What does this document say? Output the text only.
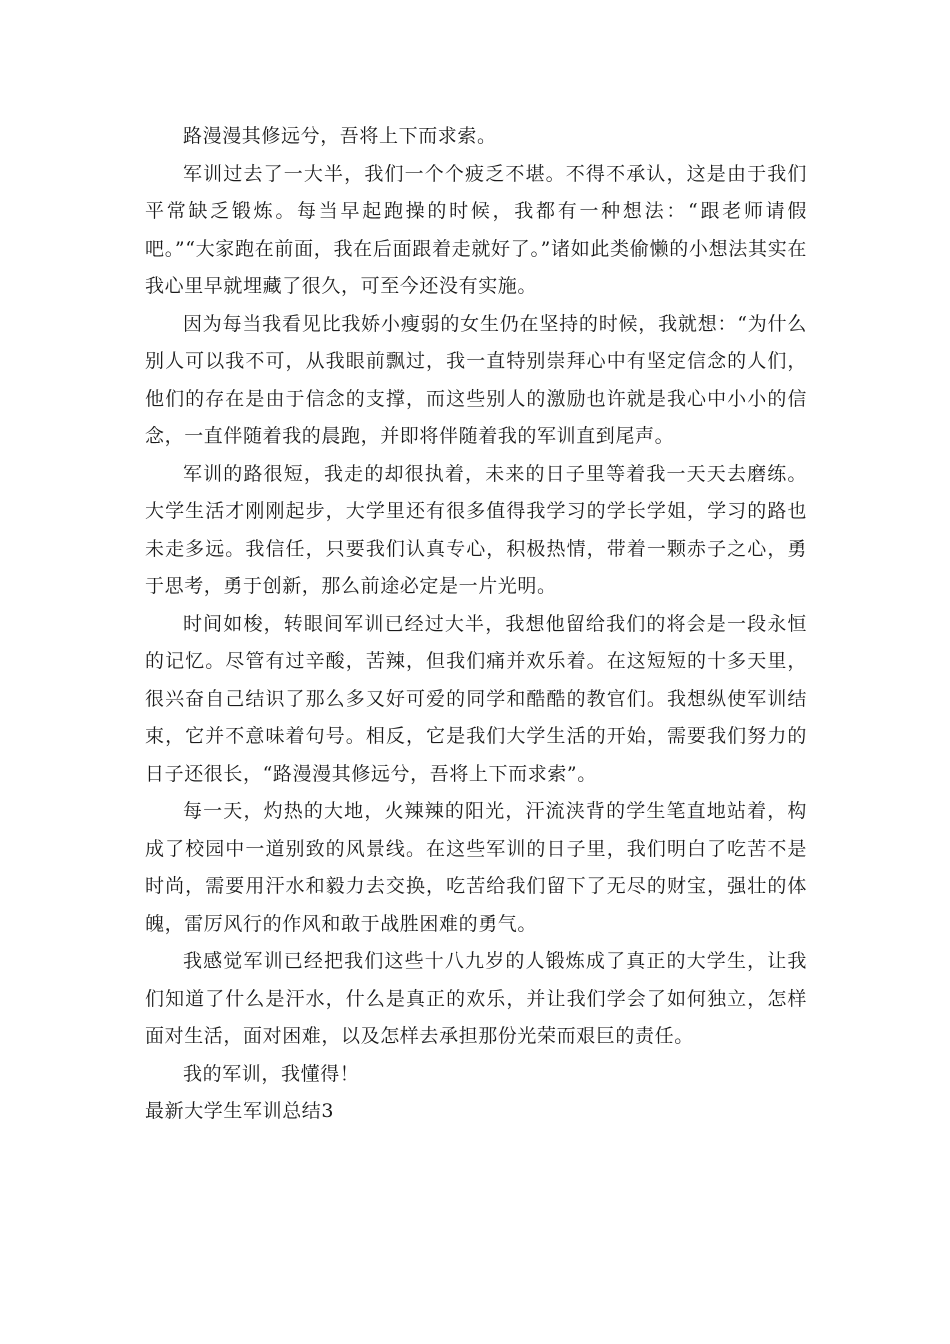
路漫漫其修远兮，吾将上下而求索。

军训过去了一大半，我们一个个疲乏不堪。不得不承认，这是由于我们平常缺乏锻炼。每当早起跑操的时候，我都有一种想法：“跟老师请假吧。”“大家跑在前面，我在后面跟着走就好了。”诸如此类偷懒的小想法其实在我心里早就埋藏了很久，可至今还没有实施。

因为每当我看见比我娇小瘦弱的女生仍在坚持的时候，我就想：“为什么别人可以我不可，从我眼前飘过，我一直特别崇拜心中有坚定信念的人们，他们的存在是由于信念的支撑，而这些别人的激励也许就是我心中小小的信念，一直伴随着我的晨跑，并即将伴随着我的军训直到尾声。

军训的路很短，我走的却很执着，未来的日子里等着我一天天去磨练。大学生活才刚刚起步，大学里还有很多值得我学习的学长学姐，学习的路也未走多远。我信任，只要我们认真专心，积极热情，带着一颗赤子之心，勇于思考，勇于创新，那么前途必定是一片光明。

时间如梭，转眼间军训已经过大半，我想他留给我们的将会是一段永恒的记忆。尽管有过辛酸，苦辣，但我们痛并欢乐着。在这短短的十多天里，很兴奋自己结识了那么多又好可爱的同学和酷酷的教官们。我想纵使军训结束，它并不意味着句号。相反，它是我们大学生活的开始，需要我们努力的日子还很长，“路漫漫其修远兮，吾将上下而求索”。

每一天，灼热的大地，火辣辣的阳光，汗流浃背的学生笔直地站着，构成了校园中一道别致的风景线。在这些军训的日子里，我们明白了吃苦不是时尚，需要用汗水和毅力去交换，吃苦给我们留下了无尽的财宝，强壮的体魄，雷厉风行的作风和敢于战胜困难的勇气。

我感觉军训已经把我们这些十八九岁的人锻炼成了真正的大学生，让我们知道了什么是汗水，什么是真正的欢乐，并让我们学会了如何独立，怎样面对生活，面对困难，以及怎样去承担那份光荣而艰巨的责任。

我的军训，我懂得！

最新大学生军训总结3
